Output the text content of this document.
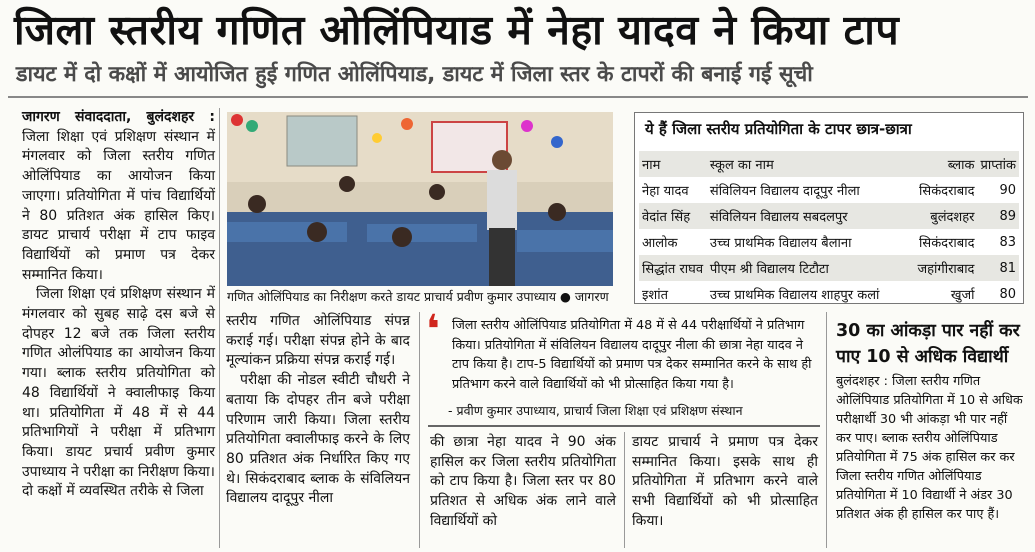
जिला स्तरीय गणित ओलिंपियाड में नेहा यादव ने किया टाप
डायट में दो कक्षों में आयोजित हुई गणित ओलिंपियाड, डायट में जिला स्तर के टापरों की बनाई गई सूची

जागरण संवाददाता, बुलंदशहर : जिला शिक्षा एवं प्रशिक्षण संस्थान में मंगलवार को जिला स्तरीय गणित ओलिंपियाड का आयोजन किया जाएगा। प्रतियोगिता में पांच विद्यार्थियों ने 80 प्रतिशत अंक हासिल किए। डायट प्राचार्य परीक्षा में टाप फाइव विद्यार्थियों को प्रमाण पत्र देकर सम्मानित किया।

जिला शिक्षा एवं प्रशिक्षण संस्थान में मंगलवार को सुबह साढ़े दस बजे से दोपहर 12 बजे तक जिला स्तरीय गणित ओलंपियाड का आयोजन किया गया। ब्लाक स्तरीय प्रतियोगिता को 48 विद्यार्थियों ने क्वालीफाइ किया था। प्रतियोगिता में 48 में से 44 प्रतिभागियों ने परीक्षा में प्रतिभाग किया। डायट प्रचार्य प्रवीण कुमार उपाध्याय ने परीक्षा का निरीक्षण किया। दो कक्षों में व्यवस्थित तरीके से जिला

गणित ओलिंपियाड का निरीक्षण करते डायट प्राचार्य प्रवीण कुमार उपाध्याय ● जागरण

स्तरीय गणित ओलिंपियाड संपन्न कराई गई। परीक्षा संपन्न होने के बाद मूल्यांकन प्रक्रिया संपन्न कराई गई।

परीक्षा की नोडल स्वीटी चौधरी ने बताया कि दोपहर तीन बजे परीक्षा परिणाम जारी किया। जिला स्तरीय प्रतियोगिता क्वालीफाइ करने के लिए 80 प्रतिशत अंक निर्धारित किए गए थे। सिकंदराबाद ब्लाक के संविलियन विद्यालय दादूपुर नीला

❛ जिला स्तरीय ओलिंपियाड प्रतियोगिता में 48 में से 44 परीक्षार्थियों ने प्रतिभाग किया। प्रतियोगिता में संविलियन विद्यालय दादूपुर नीला की छात्रा नेहा यादव ने टाप किया है। टाप-5 विद्यार्थियों को प्रमाण पत्र देकर सम्मानित करने के साथ ही प्रतिभाग करने वाले विद्यार्थियों को भी प्रोत्साहित किया गया है।
- प्रवीण कुमार उपाध्याय, प्राचार्य जिला शिक्षा एवं प्रशिक्षण संस्थान

की छात्रा नेहा यादव ने 90 अंक हासिल कर जिला स्तरीय प्रतियोगिता को टाप किया है। जिला स्तर पर 80 प्रतिशत से अधिक अंक लाने वाले विद्यार्थियों को

डायट प्राचार्य ने प्रमाण पत्र देकर सम्मानित किया। इसके साथ ही प्रतियोगिता में प्रतिभाग करने वाले सभी विद्यार्थियों को भी प्रोत्साहित किया।

ये हैं जिला स्तरीय प्रतियोगिता के टापर छात्र-छात्रा
नाम	स्कूल का नाम	ब्लाक	प्राप्तांक
नेहा यादव	संविलियन विद्यालय दादूपुर नीला	सिकंदराबाद	90
वेदांत सिंह	संविलियन विद्यालय सबदलपुर	बुलंदशहर	89
आलोक	उच्च प्राथमिक विद्यालय बैलाना	सिकंदराबाद	83
सिद्धांत राघव	पीएम श्री विद्यालय टिटौटा	जहांगीराबाद	81
इशांत	उच्च प्राथमिक विद्यालय शाहपुर कलां	खुर्जा	80
30 का आंकड़ा पार नहीं कर पाए 10 से अधिक विद्यार्थी
बुलंदशहर : जिला स्तरीय गणित ओलिंपियाड प्रतियोगिता में 10 से अधिक परीक्षार्थी 30 भी आंकड़ा भी पार नहीं कर पाए। ब्लाक स्तरीय ओलिंपियाड प्रतियोगिता में 75 अंक हासिल कर कर जिला स्तरीय गणित ओलिंपियाड प्रतियोगिता में 10 विद्यार्थी ने अंडर 30 प्रतिशत अंक ही हासिल कर पाए हैं।
